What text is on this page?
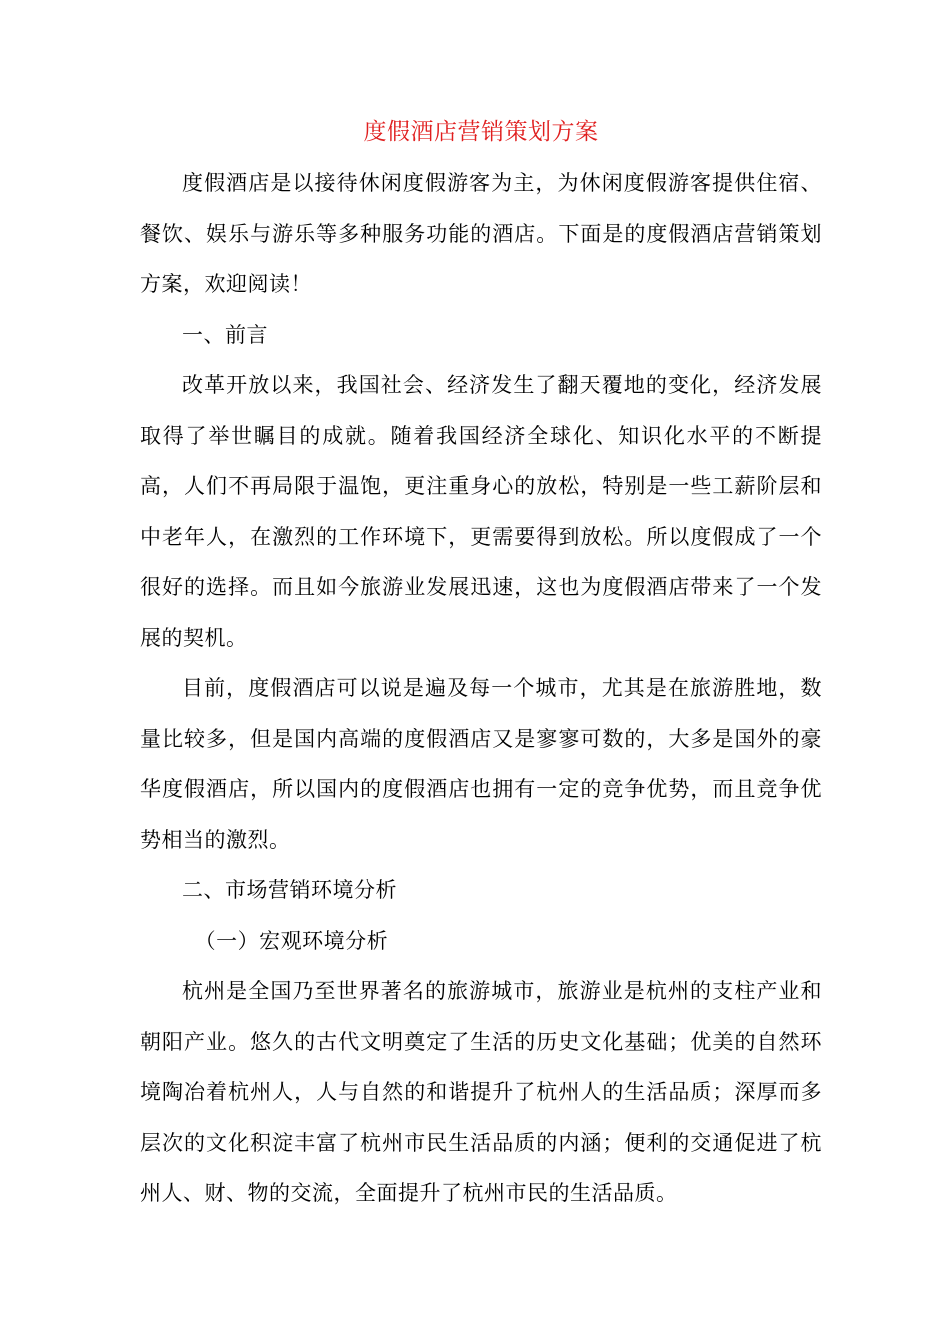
度假酒店营销策划方案

度假酒店是以接待休闲度假游客为主，为休闲度假游客提供住宿、餐饮、娱乐与游乐等多种服务功能的酒店。下面是的度假酒店营销策划方案，欢迎阅读！

一、前言

改革开放以来，我国社会、经济发生了翻天覆地的变化，经济发展取得了举世瞩目的成就。随着我国经济全球化、知识化水平的不断提高，人们不再局限于温饱，更注重身心的放松，特别是一些工薪阶层和中老年人，在激烈的工作环境下，更需要得到放松。所以度假成了一个很好的选择。而且如今旅游业发展迅速，这也为度假酒店带来了一个发展的契机。

目前，度假酒店可以说是遍及每一个城市，尤其是在旅游胜地，数量比较多，但是国内高端的度假酒店又是寥寥可数的，大多是国外的豪华度假酒店，所以国内的度假酒店也拥有一定的竞争优势，而且竞争优势相当的激烈。

二、市场营销环境分析

（一）宏观环境分析

杭州是全国乃至世界著名的旅游城市，旅游业是杭州的支柱产业和朝阳产业。悠久的古代文明奠定了生活的历史文化基础；优美的自然环境陶冶着杭州人，人与自然的和谐提升了杭州人的生活品质；深厚而多层次的文化积淀丰富了杭州市民生活品质的内涵；便利的交通促进了杭州人、财、物的交流，全面提升了杭州市民的生活品质。
